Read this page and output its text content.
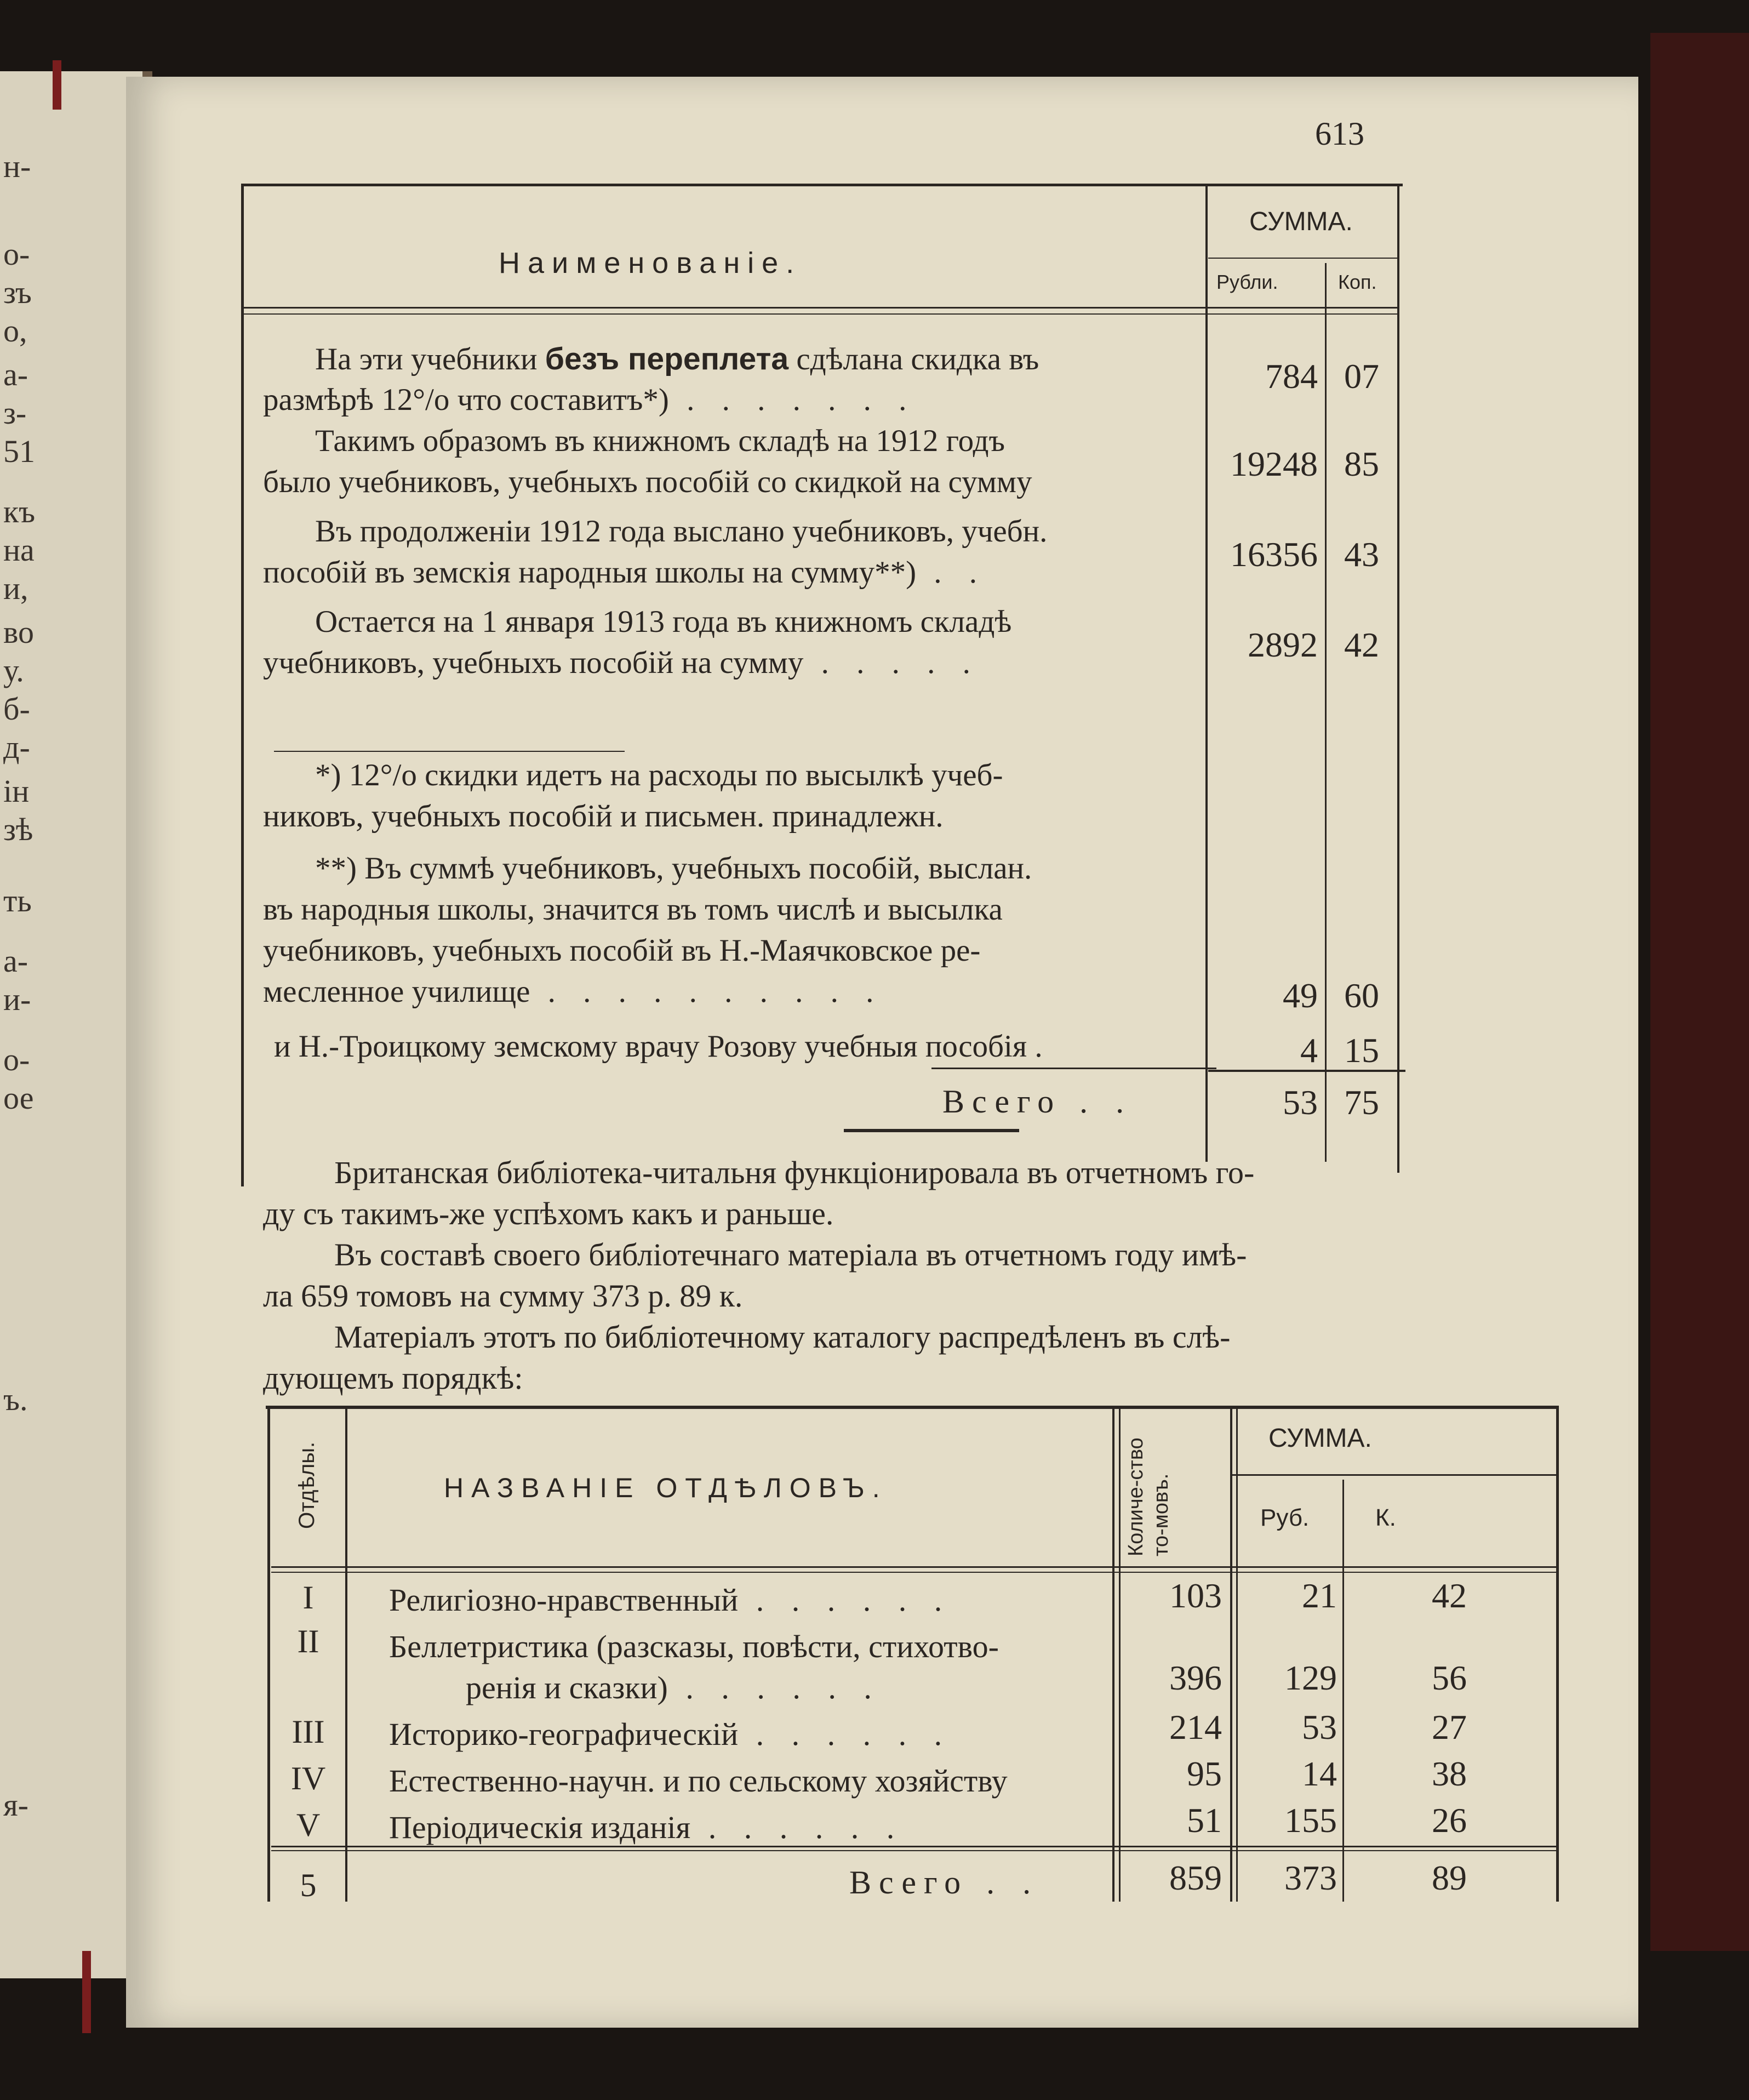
н-
о-
зъ
о,
а-
з-
51
къ
на
и,
во
у.
б-
д-
ін
зѣ
ть
а-
и-
о-
ое
ъ.
я-
613
Наименованіе.
СУММА.
Рубли.	Коп.
На эти учебники безъ переплета сдѣлана скидка въ
размѣрѣ 12°/о что составитъ*) . . . . . . .
784 07
Такимъ образомъ въ книжномъ складѣ на 1912 годъ
было учебниковъ, учебныхъ пособій со скидкой на сумму	19248 85
Въ продолженіи 1912 года выслано учебниковъ, учебн.
пособій въ земскія народныя школы на сумму**) . .	16356 43
Остается на 1 января 1913 года въ книжномъ складѣ
учебниковъ, учебныхъ пособій на сумму . . . . .	2892 42
*) 12°/о скидки идетъ на расходы по высылкѣ учеб-
никовъ, учебныхъ пособій и письмен. принадлежн.
**) Въ суммѣ учебниковъ, учебныхъ пособій, выслан.
въ народныя школы, значится въ томъ числѣ и высылка
учебниковъ, учебныхъ пособій въ Н.-Маячковское ре-
месленное училище . . . . . . . . . .	49 60
и Н.-Троицкому земскому врачу Розову учебныя пособія .	4 15
Всего . .	53 75
Британская библіотека-читальня функціонировала въ отчетномъ го-
ду съ такимъ-же успѣхомъ какъ и раньше.
Въ составѣ своего библіотечнаго матеріала въ отчетномъ году имѣ-
ла 659 томовъ на сумму 373 р. 89 к.
Матеріалъ этотъ по библіотечному каталогу распредѣленъ въ слѣ-
дующемъ порядкѣ:
Отдѣлы.	НАЗВАНІЕ ОТДѢЛОВЪ.	Количе-ство то-мовъ.
СУММА.
Руб.	К.
I	Религіозно-нравственный . . . . . .	103	21	42
II	Беллетристика (разсказы, повѣсти, стихотво-
ренія и сказки) . . . . . .	396	129	56
III	Историко-географическій . . . . . .	214	53	27
IV	Естественно-научн. и по сельскому хозяйству	95	14	38
V	Періодическія изданія . . . . . .	51	155	26
5	Всего . .	859	373	89
